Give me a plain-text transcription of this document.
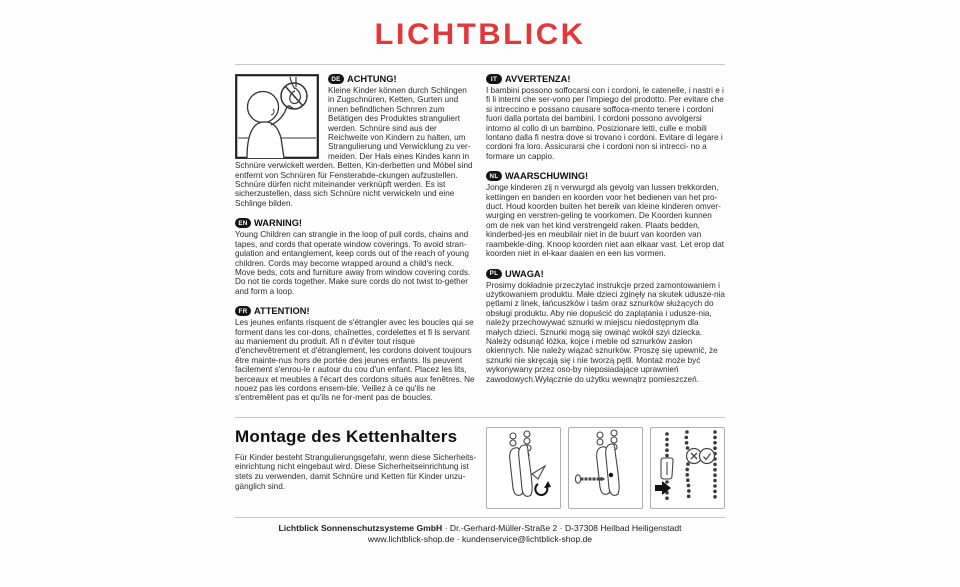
LICHTBLICK
DE ACHTUNG!

Kleine Kinder können durch Schlingen in Zugschnüren, Ketten, Gurten und innen befindlichen Schnren zum Betätigen des Produktes stranguliert werden. Schnüre sind aus der Reichweite von Kindern zu halten, um Strangulierung und Verwicklung zu ver-meiden. Der Hals eines Kindes kann in Schnüre verwickelt werden. Betten, Kin-derbetten und Möbel sind entfernt von Schnüren für Fensterabde-ckungen aufzustellen. Schnüre dürfen nicht miteinander verknüpft werden. Es ist sicherzustellen, dass sich Schnüre nicht verwickeln und eine Schlinge bilden.

EN WARNING!

Young Children can strangle in the loop of pull cords, chains and tapes, and cords that operate window coverings. To avoid stran-gulation and entanglement, keep cords out of the reach of young children. Cords may become wrapped around a child's neck. Move beds, cots and furniture away from window covering cords. Do not tie cords together. Make sure cords do not twist to-gether and form a loop.

FR ATTENTION!

Les jeunes enfants risquent de s'étrangler avec les boucles qui se forment dans les cor-dons, chaînettes, cordelettes et fi ls servant au maniement du produit. Afi n d'éviter tout risque d'enchevêtrement et d'étranglement, les cordons doivent toujours être mainte-nus hors de portée des jeunes enfants. Ils peuvent facilement s'enrou-le r autour du cou d'un enfant. Placez les lits, berceaux et meubles à l'écart des cordons situés aux fenêtres. Ne nouez pas les cordons ensem-ble. Veillez à ce qu'ils ne s'entremêlent pas et qu'ils ne for-ment pas de boucles.

IT AVVERTENZA!

I bambini possono soffocarsi con i cordoni, le catenelle, i nastri e i fi li interni che ser-vono per l'impiego del prodotto. Per evitare che si intreccino e possano causare soffoca-mento tenere i cordoni fuori dalla portata dei bambini. I cordoni possono avvolgersi intorno al collo di un bambino. Posizionare letti, culle e mobili lontano dalla fi nestra dove si trovano i cordoni. Evitare di legare i cordoni fra loro. Assicurarsi che i cordoni non si intrecci- no a formare un cappio.

NL WAARSCHUWING!

Jonge kinderen zij n verwurgd als gevolg van lussen trekkorden, kettingen en banden en koorden voor het bedienen van het pro-duct. Houd koorden buiten het bereik van kleine kinderen omver-wurging en verstren-geling te voorkomen. De Koorden kunnen om de nek van het kind verstrengeld raken. Plaats bedden, kinderbed-jes en meubilair niet in de buurt van koorden van raambekle-ding. Knoop koorden niet aan elkaar vast. Let erop dat koorden niet in el-kaar daaien en een lus vormen.

PL UWAGA!

Prosimy dokładnie przeczytać instrukcje przed zamontowaniem i użytkowaniem produktu. Małe dzieci zginęły na skutek udusze-nia pętlami z linek, łańcuszków i taśm oraz sznurków służących do obsługi produktu. Aby nie dopuścić do zaplątania i udusze-nia, należy przechowywać sznurki w miejscu niedostępnym dla małych dzieci. Sznurki mogą się owinąć wokół szyi dziecka. Należy odsunąć łóżka, kojce i meble od sznurków zasłon okiennych. Nie należy wiązać sznurków. Proszę się upewnić, że sznurki nie skręcają się i nie tworzą pętli. Montaż może być wykonywany przez oso-by nieposiadające uprawnień zawodowych.Wyłącznie do użytku wewnątrz pomieszczeń.

Montage des Kettenhalters

Für Kinder besteht Strangulierungsgefahr, wenn diese Sicherheits-einrichtung nicht eingebaut wird. Diese Sicherheitseinrichtung ist stets zu verwenden, damit Schnüre und Ketten für Kinder unzu-gänglich sind.

Lichtblick Sonnenschutzsysteme GmbH · Dr.-Gerhard-Müller-Straße 2 · D-37308 Heilbad Heiligenstadt
www.lichtblick-shop.de · kundenservice@lichtblick-shop.de
